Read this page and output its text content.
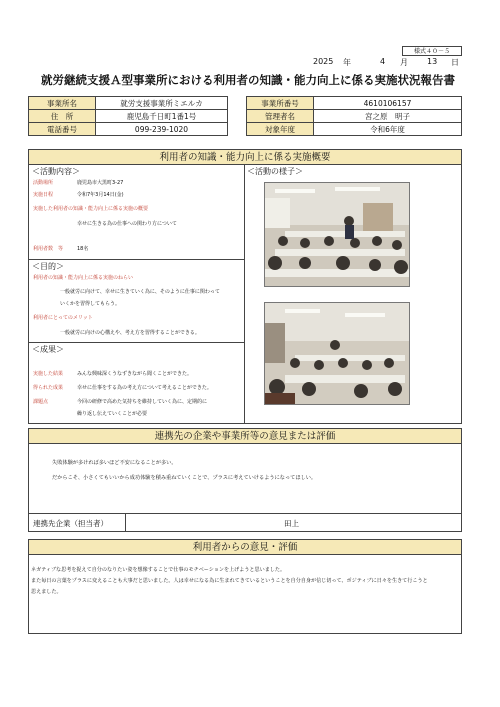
様式４０－５
2025 年	4 月 13 日
就労継続支援Ａ型事業所における利用者の知識・能力向上に係る実施状況報告書
事業所名	就労支援事業所ミエルカ
住　所	鹿児島千日町1番1号
電話番号	099-239-1020
事業所番号	4610106157
管理者名	宮之原　明子
対象年度	令和6年度
利用者の知識・能力向上に係る実施概要
＜活動内容＞
活動場所	鹿児島市大黒町3-27
実施日程	令和7年3月14日(金)
実施した利用者の知識・能力向上に係る実施の概要
幸せに生きる為の仕事への関わり方について
利用者数　等	18名
＜目的＞
利用者の知識・能力向上に係る実施のねらい
一般就労に向けて、幸せに生きていく為に、そのように仕事に関わって
いくかを習得してもらう。
利用者にとってのメリット
一般就労に向けの心構えや、考え方を習得することができる。
＜成果＞
実施した結果	みんな興味深くうなずきながら聞くことができた。
得られた成果	幸せに仕事をする為の考え方について考えることができた。
課題点	今回の研修で高めた気持ちを維持していく為に、定期的に
繰り返し伝えていくことが必要
＜活動の様子＞
連携先の企業や事業所等の意見または評価
失敗体験が多ければ多いほど不安になることが多い。
だからこそ、小さくてもいいから成功体験を積み重ねていくことで、プラスに考えていけるようになってほしい。
連携先企業（担当者）	田上
利用者からの意見・評価
ネガティブな思考を捉えて自分のなりたい姿を想像することで仕事のモチベーションを上げようと思いました。
また毎日の言葉をプラスに変えることも大事だと思いました。人は幸せになる為に生まれてきているということを自分自身が信じ切って、ポジティブに日々を生きて行こうと
思えました。
